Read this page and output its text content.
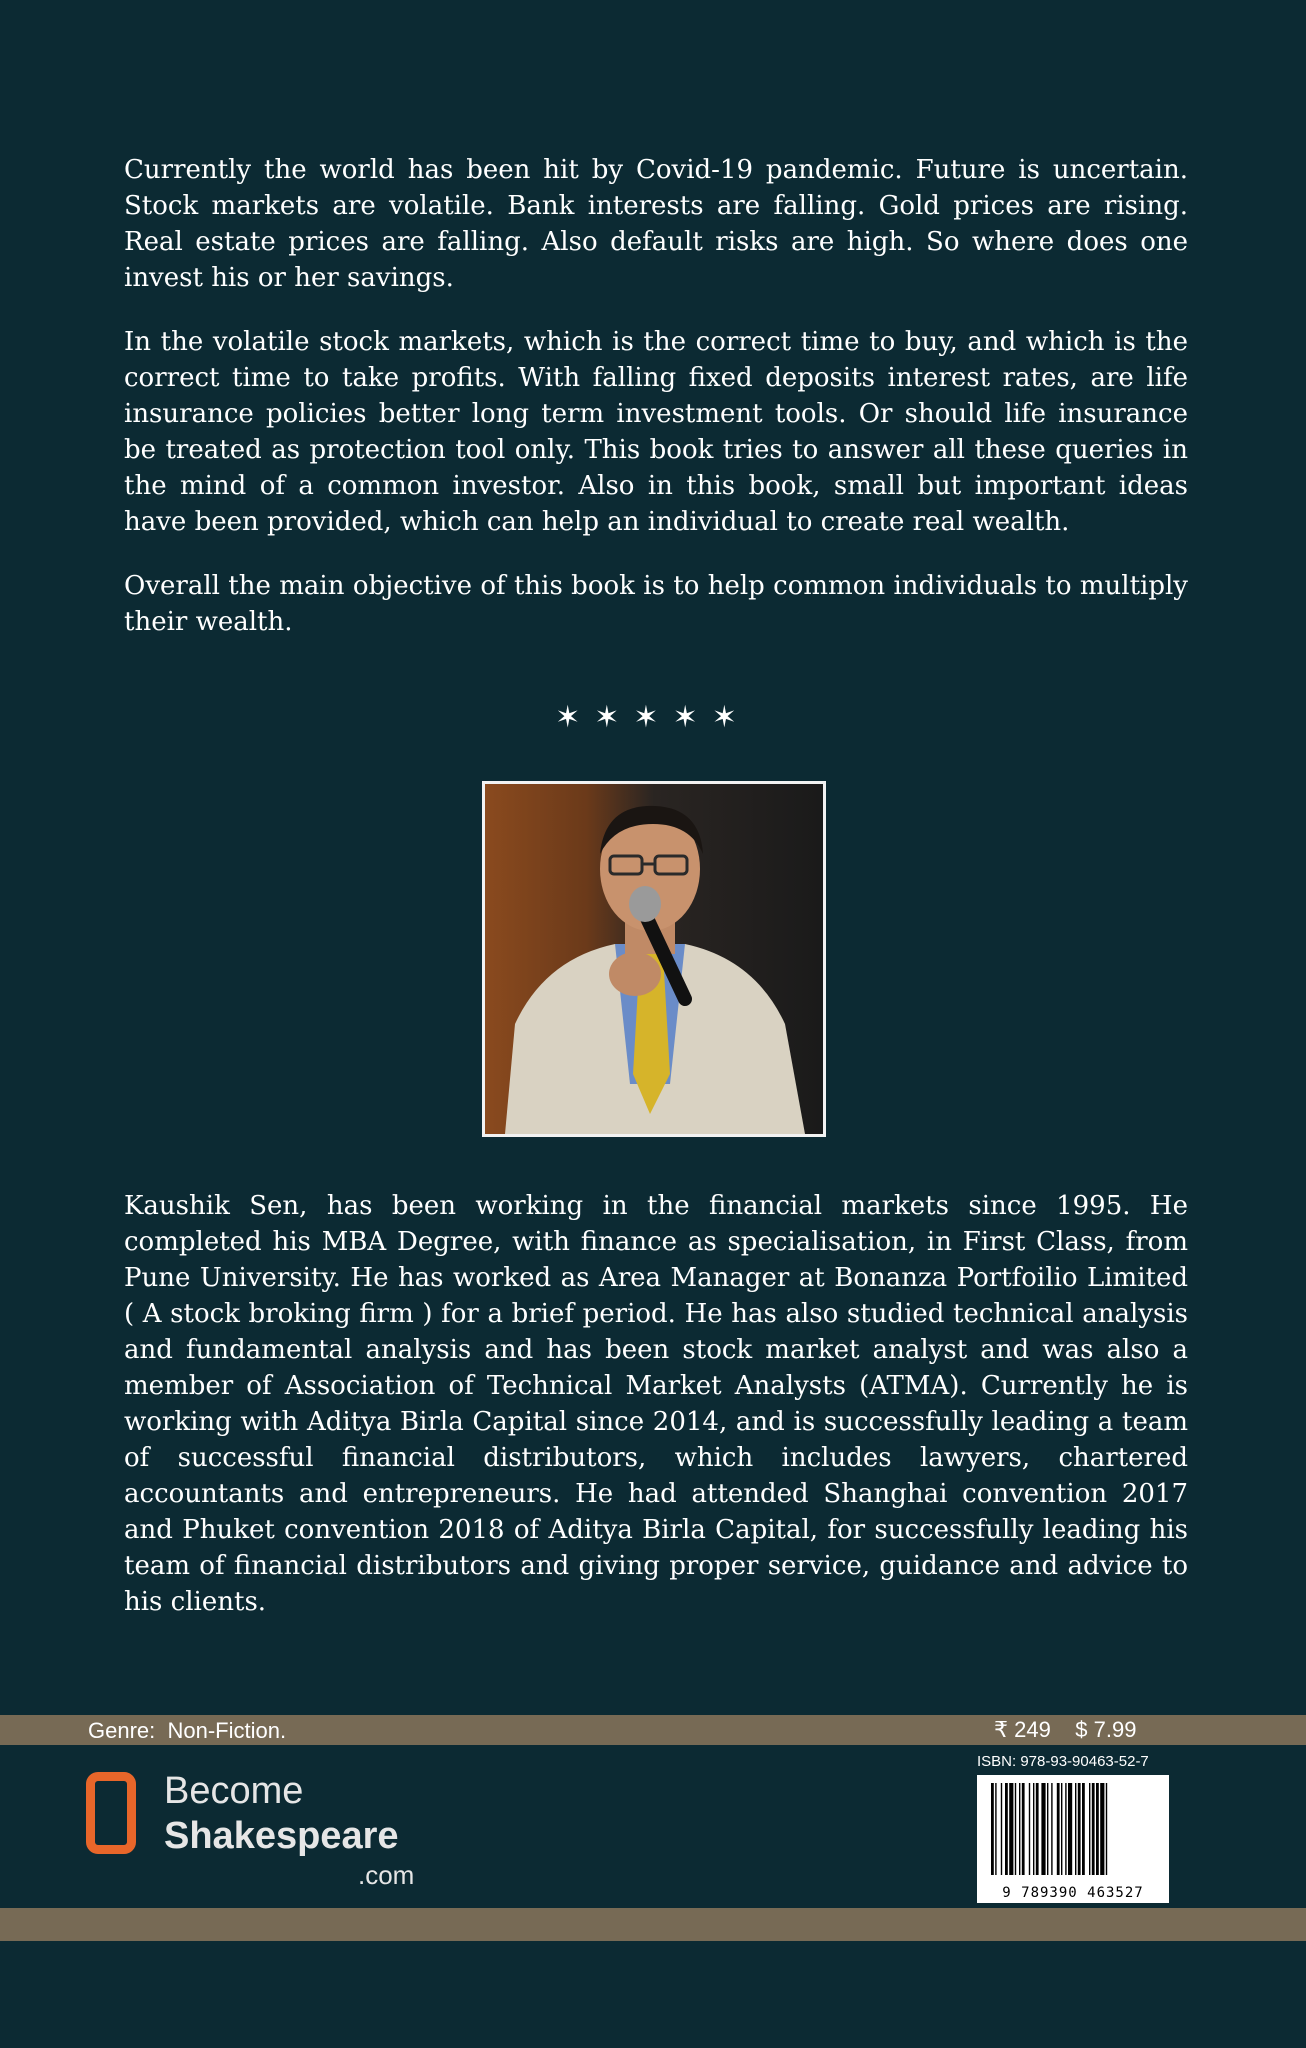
Currently the world has been hit by Covid-19 pandemic. Future is uncertain. Stock markets are volatile. Bank interests are falling. Gold prices are rising. Real estate prices are falling. Also default risks are high. So where does one invest his or her savings.

In the volatile stock markets, which is the correct time to buy, and which is the correct time to take profits. With falling fixed deposits interest rates, are life insurance policies better long term investment tools. Or should life insurance be treated as protection tool only. This book tries to answer all these queries in the mind of a common investor. Also in this book, small but important ideas have been provided, which can help an individual to create real wealth.

Overall the main objective of this book is to help common individuals to multiply their wealth.

✶✶✶✶✶

Kaushik Sen, has been working in the financial markets since 1995. He completed his MBA Degree, with finance as specialisation, in First Class, from Pune University. He has worked as Area Manager at Bonanza Portfoilio Limited ( A stock broking firm ) for a brief period. He has also studied technical analysis and fundamental analysis and has been stock market analyst and was also a member of Association of Technical Market Analysts (ATMA). Currently he is working with Aditya Birla Capital since 2014, and is successfully leading a team of successful financial distributors, which includes lawyers, chartered accountants and entrepreneurs. He had attended Shanghai convention 2017 and Phuket convention 2018 of Aditya Birla Capital, for successfully leading his team of financial distributors and giving proper service, guidance and advice to his clients.

Genre:  Non-Fiction.	₹ 249    $ 7.99
Become
Shakespeare
.com
ISBN: 978-93-90463-52-7
9 789390 463527
